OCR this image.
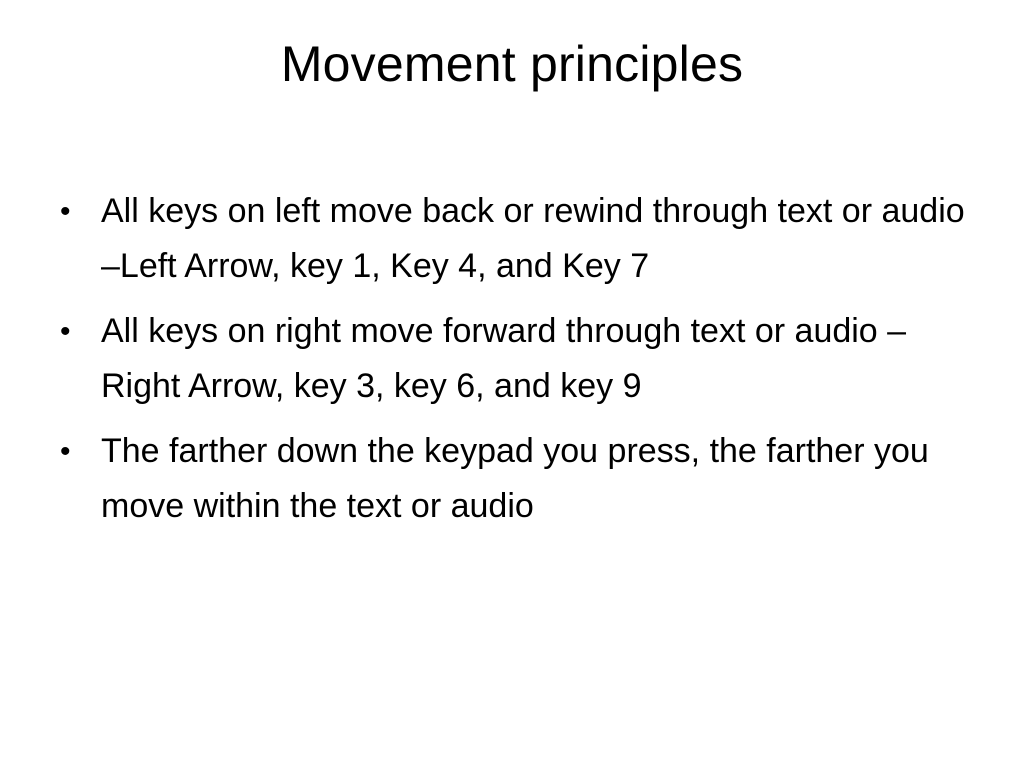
Movement principles
• All keys on left move back or rewind through text or audio –Left Arrow, key 1, Key 4, and Key 7
• All keys on right move forward through text or audio –Right Arrow, key 3, key 6, and key 9
• The farther down the keypad you press, the farther you move within the text or audio
